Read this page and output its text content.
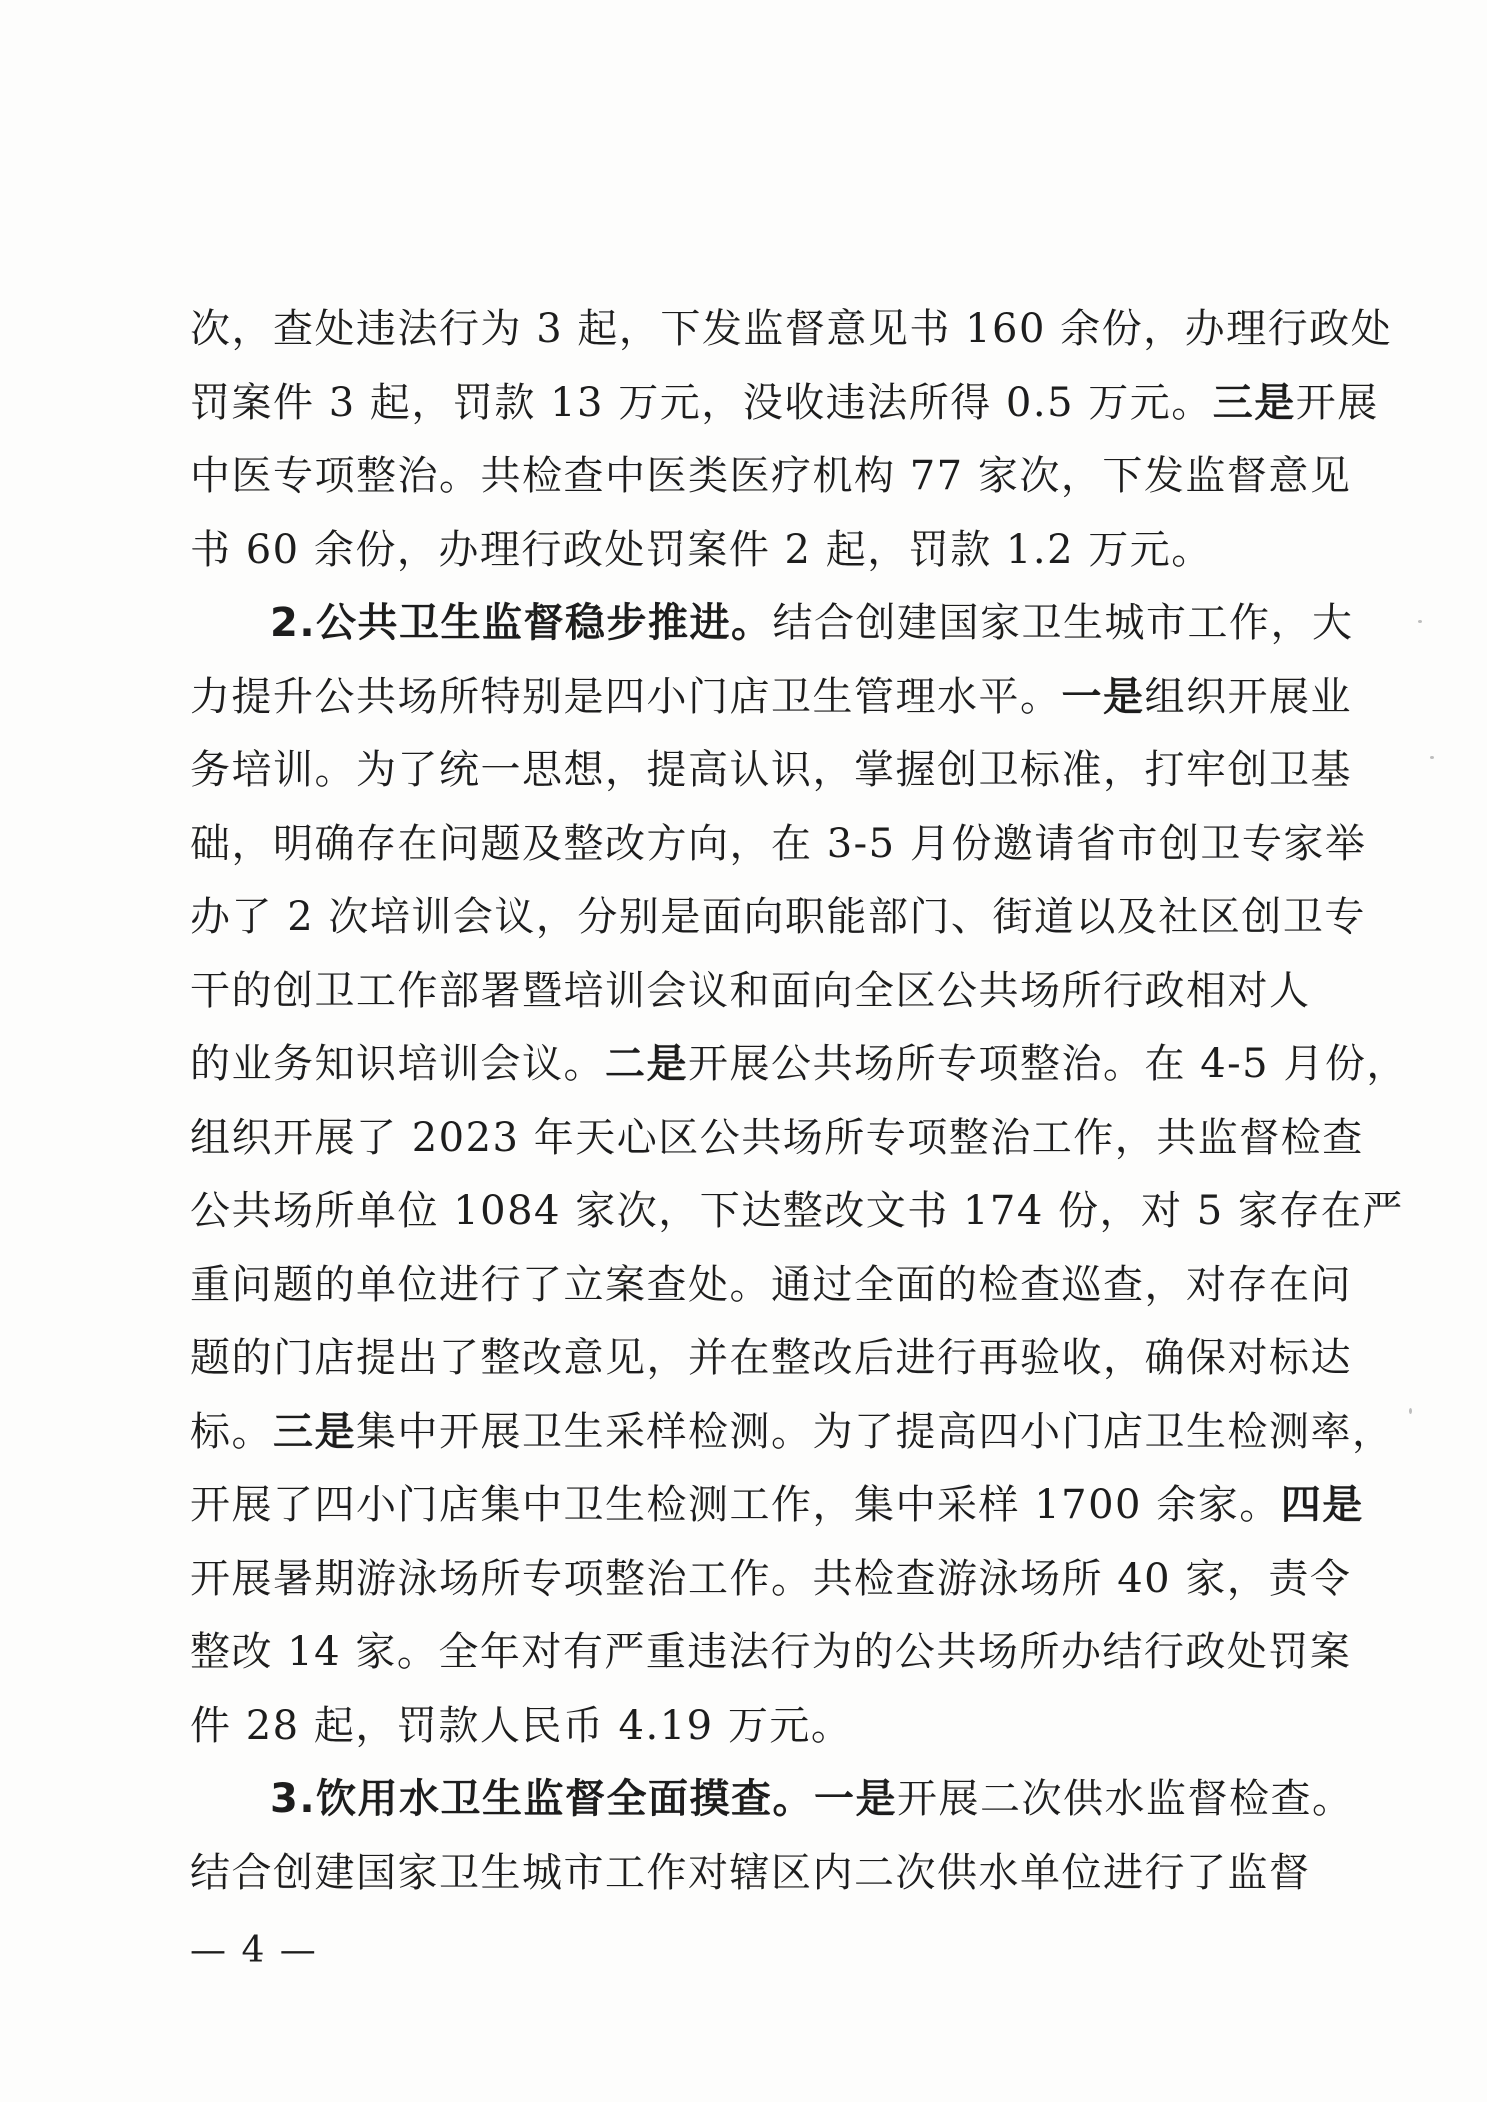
次，查处违法行为 3 起，下发监督意见书 160 余份，办理行政处
罚案件 3 起，罚款 13 万元，没收违法所得 0.5 万元。三是开展
中医专项整治。共检查中医类医疗机构 77 家次，下发监督意见
书 60 余份，办理行政处罚案件 2 起，罚款 1.2 万元。
2.公共卫生监督稳步推进。结合创建国家卫生城市工作，大
力提升公共场所特别是四小门店卫生管理水平。一是组织开展业
务培训。为了统一思想，提高认识，掌握创卫标准，打牢创卫基
础，明确存在问题及整改方向，在 3-5 月份邀请省市创卫专家举
办了 2 次培训会议，分别是面向职能部门、街道以及社区创卫专
干的创卫工作部署暨培训会议和面向全区公共场所行政相对人
的业务知识培训会议。二是开展公共场所专项整治。在 4-5 月份，
组织开展了 2023 年天心区公共场所专项整治工作，共监督检查
公共场所单位 1084 家次，下达整改文书 174 份，对 5 家存在严
重问题的单位进行了立案查处。通过全面的检查巡查，对存在问
题的门店提出了整改意见，并在整改后进行再验收，确保对标达
标。三是集中开展卫生采样检测。为了提高四小门店卫生检测率，
开展了四小门店集中卫生检测工作，集中采样 1700 余家。四是
开展暑期游泳场所专项整治工作。共检查游泳场所 40 家，责令
整改 14 家。全年对有严重违法行为的公共场所办结行政处罚案
件 28 起，罚款人民币 4.19 万元。
3.饮用水卫生监督全面摸查。一是开展二次供水监督检查。
结合创建国家卫生城市工作对辖区内二次供水单位进行了监督
— 4 —
